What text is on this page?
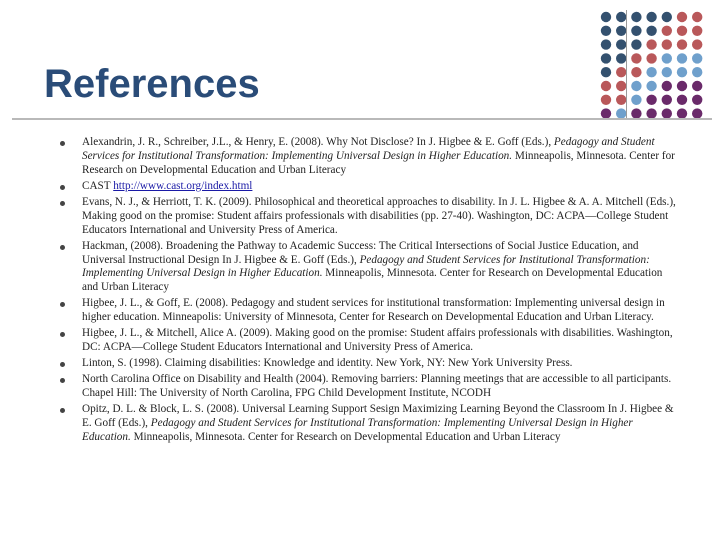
References
Alexandrin, J. R., Schreiber, J.L., & Henry, E. (2008). Why Not Disclose? In J. Higbee & E. Goff (Eds.), Pedagogy and Student Services for Institutional Transformation: Implementing Universal Design in Higher Education. Minneapolis, Minnesota. Center for Research on Developmental Education and Urban Literacy
CAST http://www.cast.org/index.html
Evans, N. J., & Herriott, T. K. (2009). Philosophical and theoretical approaches to disability. In J. L. Higbee & A. A. Mitchell (Eds.), Making good on the promise: Student affairs professionals with disabilities (pp. 27-40). Washington, DC: ACPA—College Student Educators International and University Press of America.
Hackman, (2008). Broadening the Pathway to Academic Success: The Critical Intersections of Social Justice Education, and Universal Instructional Design In J. Higbee & E. Goff (Eds.), Pedagogy and Student Services for Institutional Transformation: Implementing Universal Design in Higher Education. Minneapolis, Minnesota. Center for Research on Developmental Education and Urban Literacy
Higbee, J. L., & Goff, E. (2008). Pedagogy and student services for institutional transformation: Implementing universal design in higher education. Minneapolis: University of Minnesota, Center for Research on Developmental Education and Urban Literacy.
Higbee, J. L., & Mitchell, Alice A. (2009). Making good on the promise: Student affairs professionals with disabilities. Washington, DC: ACPA—College Student Educators International and University Press of America.
Linton, S. (1998). Claiming disabilities: Knowledge and identity. New York, NY: New York University Press.
North Carolina Office on Disability and Health (2004). Removing barriers: Planning meetings that are accessible to all participants. Chapel Hill: The University of North Carolina, FPG Child Development Institute, NCODH
Opitz, D. L. & Block, L. S. (2008). Universal Learning Support Sesign Maximizing Learning Beyond the Classroom In J. Higbee & E. Goff (Eds.), Pedagogy and Student Services for Institutional Transformation: Implementing Universal Design in Higher Education. Minneapolis, Minnesota. Center for Research on Developmental Education and Urban Literacy
